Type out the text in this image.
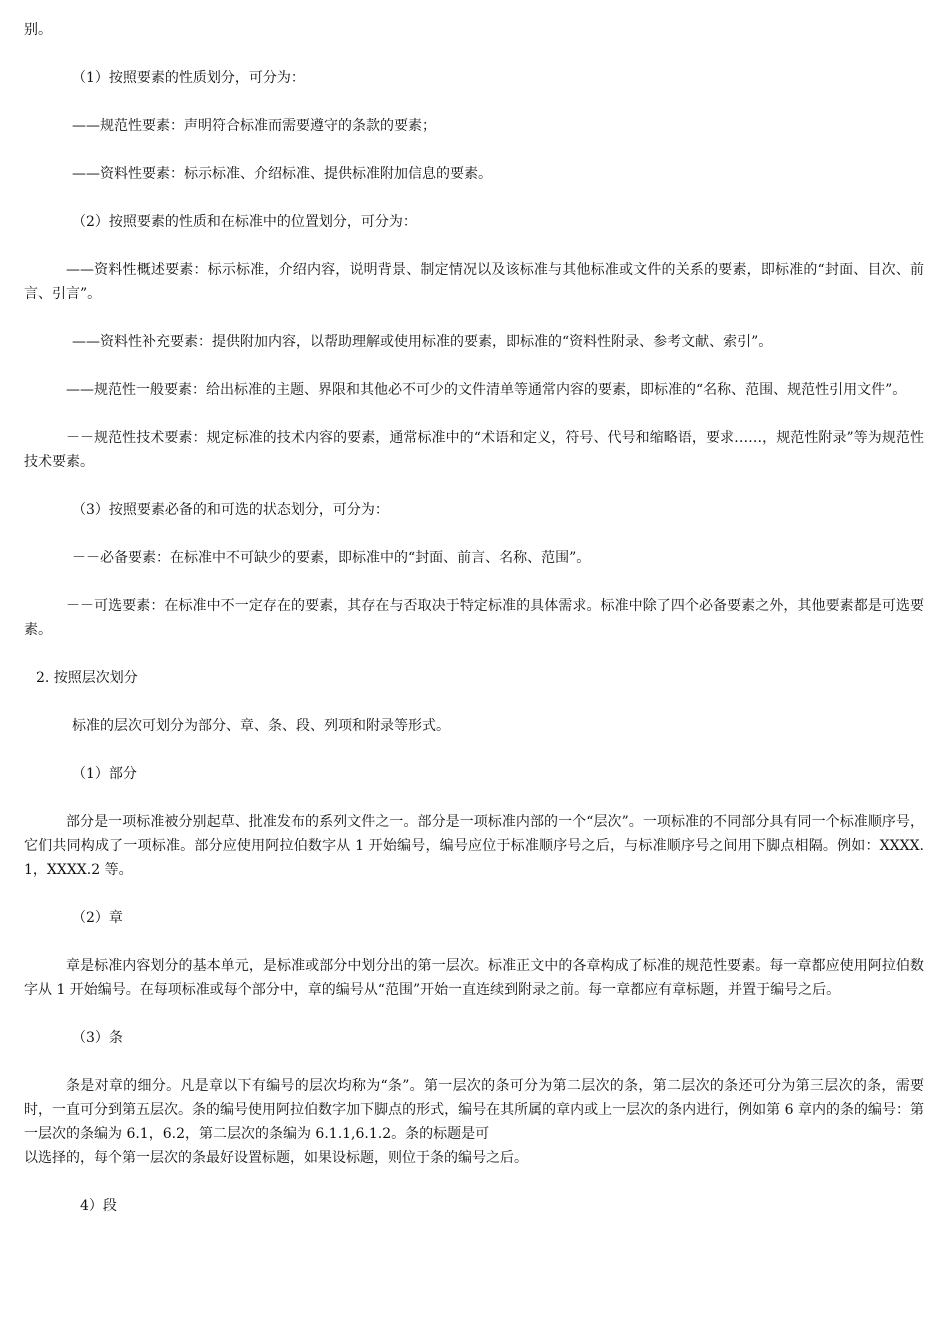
别。

（1）按照要素的性质划分，可分为：

——规范性要素：声明符合标准而需要遵守的条款的要素；

——资料性要素：标示标准、介绍标准、提供标准附加信息的要素。

（2）按照要素的性质和在标准中的位置划分，可分为：

——资料性概述要素：标示标准，介绍内容，说明背景、制定情况以及该标准与其他标准或文件的关系的要素，即标准的“封面、目次、前言、引言”。

——资料性补充要素：提供附加内容，以帮助理解或使用标准的要素，即标准的“资料性附录、参考文献、索引”。

——规范性一般要素：给出标准的主题、界限和其他必不可少的文件清单等通常内容的要素，即标准的“名称、范围、规范性引用文件”。

－－规范性技术要素：规定标准的技术内容的要素，通常标准中的“术语和定义，符号、代号和缩略语，要求……，规范性附录”等为规范性技术要素。

（3）按照要素必备的和可选的状态划分，可分为：

－－必备要素：在标准中不可缺少的要素，即标准中的“封面、前言、名称、范围”。

－－可选要素：在标准中不一定存在的要素，其存在与否取决于特定标准的具体需求。标准中除了四个必备要素之外，其他要素都是可选要素。

2. 按照层次划分

标准的层次可划分为部分、章、条、段、列项和附录等形式。

（1）部分

部分是一项标准被分别起草、批准发布的系列文件之一。部分是一项标准内部的一个“层次”。一项标准的不同部分具有同一个标准顺序号，它们共同构成了一项标准。部分应使用阿拉伯数字从 1 开始编号，编号应位于标准顺序号之后，与标准顺序号之间用下脚点相隔。例如：XXXX.1，XXXX.2 等。

（2）章

章是标准内容划分的基本单元，是标准或部分中划分出的第一层次。标准正文中的各章构成了标准的规范性要素。每一章都应使用阿拉伯数字从 1 开始编号。在每项标准或每个部分中，章的编号从“范围”开始一直连续到附录之前。每一章都应有章标题，并置于编号之后。

（3）条

条是对章的细分。凡是章以下有编号的层次均称为“条”。第一层次的条可分为第二层次的条，第二层次的条还可分为第三层次的条，需要时，一直可分到第五层次。条的编号使用阿拉伯数字加下脚点的形式，编号在其所属的章内或上一层次的条内进行，例如第 6 章内的条的编号：第一层次的条编为 6.1，6.2，第二层次的条编为 6.1.1,6.1.2。条的标题是可

以选择的，每个第一层次的条最好设置标题，如果设标题，则位于条的编号之后。

4）段
